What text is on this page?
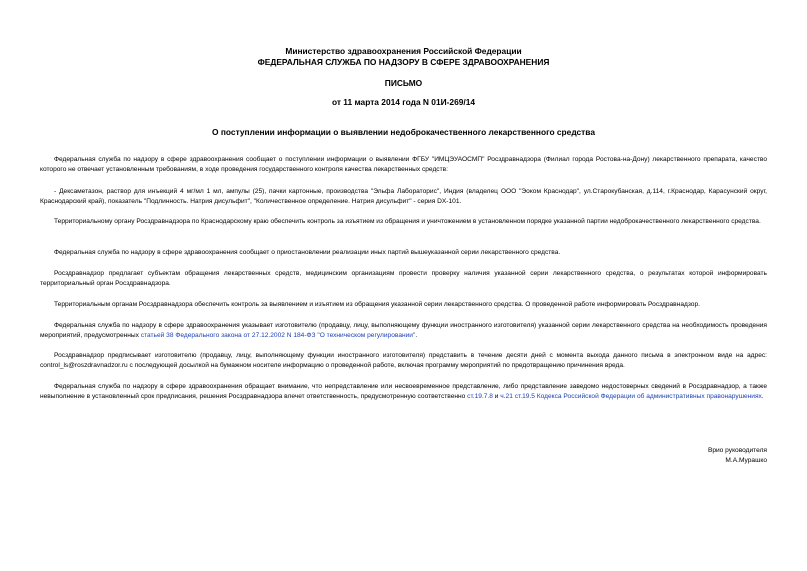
Министерство здравоохранения Российской Федерации
ФЕДЕРАЛЬНАЯ СЛУЖБА ПО НАДЗОРУ В СФЕРЕ ЗДРАВООХРАНЕНИЯ
ПИСЬМО
от 11 марта 2014 года N 01И-269/14
О поступлении информации о выявлении недоброкачественного лекарственного средства

Федеральная служба по надзору в сфере здравоохранения сообщает о поступлении информации о выявлении ФГБУ "ИМЦЭУАОСМП" Росздравнадзора (Филиал города Ростова-на-Дону) лекарственного препарата, качество которого не отвечает установленным требованиям, в ходе проведения государственного контроля качества лекарственных средств:

- Дексаметазон, раствор для инъекций 4 мг/мл 1 мл, ампулы (25), пачки картонные, производства "Эльфа Лабораторис", Индия (владелец ООО "Эоком Краснодар", ул.Старокубанская, д.114, г.Краснодар, Карасунский округ, Краснодарский край), показатель "Подлинность. Натрия дисульфит", "Количественное определение. Натрия дисульфит" - серия DX-101.

Территориальному органу Росздравнадзора по Краснодарскому краю обеспечить контроль за изъятием из обращения и уничтожением в установленном порядке указанной партии недоброкачественного лекарственного средства.

Федеральная служба по надзору в сфере здравоохранения сообщает о приостановлении реализации иных партий вышеуказанной серии лекарственного средства.

Росздравнадзор предлагает субъектам обращения лекарственных средств, медицинским организациям провести проверку наличия указанной серии лекарственного средства, о результатах которой информировать территориальный орган Росздравнадзора.

Территориальным органам Росздравнадзора обеспечить контроль за выявлением и изъятием из обращения указанной серии лекарственного средства. О проведенной работе информировать Росздравнадзор.

Федеральная служба по надзору в сфере здравоохранения указывает изготовителю (продавцу, лицу, выполняющему функции иностранного изготовителя) указанной серии лекарственного средства на необходимость проведения мероприятий, предусмотренных статьей 38 Федерального закона от 27.12.2002 N 184-ФЗ "О техническом регулировании".

Росздравнадзор предписывает изготовителю (продавцу, лицу, выполняющему функции иностранного изготовителя) представить в течение десяти дней с момента выхода данного письма в электронном виде на адрес: control_ls@roszdravnadzor.ru с последующей досылкой на бумажном носителе информацию о проведенной работе, включая программу мероприятий по предотвращению причинения вреда.

Федеральная служба по надзору в сфере здравоохранения обращает внимание, что непредставление или несвоевременное представление, либо представление заведомо недостоверных сведений в Росздравнадзор, а также невыполнение в установленный срок предписания, решения Росздравнадзора влечет ответственность, предусмотренную соответственно ст.19.7.8 и ч.21 ст.19.5 Кодекса Российской Федерации об административных правонарушениях.

Врио руководителя
М.А.Мурашко
